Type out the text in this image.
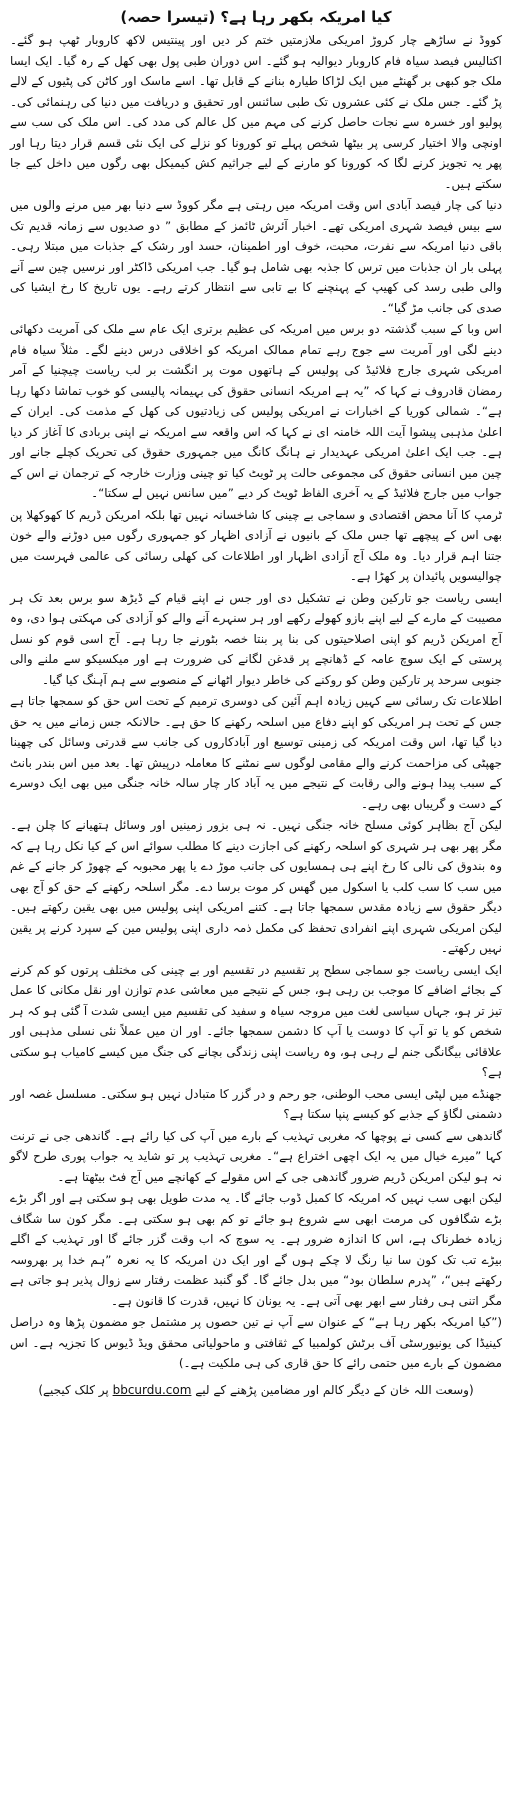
کیا امریکہ بکھر رہا ہے؟ (تیسرا حصہ)

کووڈ نے ساڑھے چار کروڑ امریکی ملازمتیں ختم کر دیں اور پینتیس لاکھ کاروبار ٹھپ ہو گئے۔ اکتالیس فیصد سیاہ فام کاروبار دیوالیہ ہو گئے۔ اس دوران طبی پول بھی کھل کے رہ گیا۔ ایک ایسا ملک جو کبھی بر گھنٹے میں ایک لڑاکا طیارہ بنانے کے قابل تھا۔ اسے ماسک اور کاٹن کی پٹیوں کے لالے پڑ گئے۔ جس ملک نے کئی عشروں تک طبی سائنس اور تحقیق و دریافت میں دنیا کی رہنمائی کی۔ پولیو اور خسرہ سے نجات حاصل کرنے کی مہم میں کل عالم کی مدد کی۔ اس ملک کی سب سے اونچی والا اختیار کرسی پر بیٹھا شخص پہلے تو کورونا کو نزلے کی ایک نئی قسم قرار دیتا رہا اور پھر یہ تجویز کرنے لگا کہ کورونا کو مارنے کے لیے جراثیم کش کیمیکل بھی رگوں میں داخل کیے جا سکتے ہیں۔

دنیا کی چار فیصد آبادی اس وقت امریکہ میں رہتی ہے مگر کووڈ سے دنیا بھر میں مرنے والوں میں سے بیس فیصد شہری امریکی تھے۔ اخبار آئرش ٹائمز کے مطابق ” دو صدیوں سے زمانہ قدیم تک باقی دنیا امریکہ سے نفرت، محبت، خوف اور اطمینان، حسد اور رشک کے جذبات میں مبتلا رہی۔ پہلی بار ان جذبات میں ترس کا جذبہ بھی شامل ہو گیا۔ جب امریکی ڈاکٹر اور نرسیں چین سے آنے والی طبی رسد کی کھیپ کے پہنچنے کا بے تابی سے انتظار کرتے رہے۔ یوں تاریخ کا رخ ایشیا کی صدی کی جانب مڑ گیا“۔

اس وبا کے سبب گذشتہ دو برس میں امریکہ کی عظیم برتری ایک عام سے ملک کی آمریت دکھائی دینے لگی اور آمریت سے جوج رہے تمام ممالک امریکہ کو اخلاقی درس دینے لگے۔ مثلاً سیاہ فام امریکی شہری جارج فلائیڈ کی پولیس کے ہاتھوں موت پر انگشت بر لب ریاست چیچنیا کے آمر رمضان قادروف نے کہا کہ ”یہ ہے امریکہ انسانی حقوق کی بہیمانہ پالیسی کو خوب تماشا دکھا رہا ہے“۔ شمالی کوریا کے اخبارات نے امریکی پولیس کی زیادتیوں کی کھل کے مذمت کی۔ ایران کے اعلیٰ مذہبی پیشوا آیت اللہ خامنہ ای نے کہا کہ اس واقعہ سے امریکہ نے اپنی بربادی کا آغاز کر دیا ہے۔ جب ایک اعلیٰ امریکی عہدیدار نے ہانگ کانگ میں جمہوری حقوق کی تحریک کچلے جانے اور چین میں انسانی حقوق کی مجموعی حالت پر ٹویٹ کیا تو چینی وزارت خارجہ کے ترجمان نے اس کے جواب میں جارج فلائیڈ کے یہ آخری الفاظ ٹویٹ کر دیے ”میں سانس نہیں لے سکتا“۔

ٹرمپ کا آنا محض اقتصادی و سماجی بے چینی کا شاخسانہ نہیں تھا بلکہ امریکن ڈریم کا کھوکھلا پن بھی اس کے پیچھے تھا جس ملک کے بانیوں نے آزادی اظہار کو جمہوری رگوں میں دوڑنے والے خون جتنا اہم قرار دیا۔ وہ ملک آج آزادی اظہار اور اطلاعات کی کھلی رسائی کی عالمی فہرست میں چوالیسویں پائیدان پر کھڑا ہے۔

ایسی ریاست جو تارکین وطن نے تشکیل دی اور جس نے اپنے قیام کے ڈیڑھ سو برس بعد تک ہر مصیبت کے مارے کے لیے اپنے بازو کھولے رکھے اور ہر سنہرے آنے والے کو آزادی کی مہکتی ہوا دی، وہ آج امریکن ڈریم کو اپنی اصلاحیتوں کی بنا پر بنتا خصہ بٹورنے جا رہا ہے۔ آج اسی قوم کو نسل پرستی کے ایک سوچ عامہ کے ڈھانچے پر قدغن لگانے کی ضرورت ہے اور میکسیکو سے ملنے والی جنوبی سرحد پر تارکین وطن کو روکنے کی خاطر دیوار اٹھانے کے منصوبے سے ہم آہنگ کیا گیا۔

اطلاعات تک رسائی سے کہیں زیادہ اہم آئین کی دوسری ترمیم کے تحت اس حق کو سمجھا جاتا ہے جس کے تحت ہر امریکی کو اپنے دفاع میں اسلحہ رکھنے کا حق ہے۔ حالانکہ جس زمانے میں یہ حق دیا گیا تھا، اس وقت امریکہ کی زمینی توسیع اور آبادکاروں کی جانب سے قدرتی وسائل کی چھینا جھپٹی کی مزاحمت کرنے والے مقامی لوگوں سے نمٹنے کا معاملہ درپیش تھا۔ بعد میں اس بندر بانٹ کے سبب پیدا ہونے والی رقابت کے نتیجے میں یہ آباد کار چار سالہ خانہ جنگی میں بھی ایک دوسرے کے دست و گریباں بھی رہے۔

لیکن آج بظاہر کوئی مسلح خانہ جنگی نہیں۔ نہ ہی بزور زمینیں اور وسائل ہتھیانے کا چلن ہے۔ مگر پھر بھی ہر شہری کو اسلحہ رکھنے کی اجازت دینے کا مطلب سوائے اس کے کیا نکل رہا ہے کہ وہ بندوق کی نالی کا رخ اپنے ہی ہمسایوں کی جانب موڑ دے یا پھر محبوبہ کے چھوڑ کر جانے کے غم میں سب کا سب کلب یا اسکول میں گھس کر موت برسا دے۔ مگر اسلحہ رکھنے کے حق کو آج بھی دیگر حقوق سے زیادہ مقدس سمجھا جاتا ہے۔ کتنے امریکی اپنی پولیس میں بھی یقین رکھتے ہیں۔ لیکن امریکی شہری اپنے انفرادی تحفظ کی مکمل ذمہ داری اپنی پولیس مین کے سپرد کرنے پر یقین نہیں رکھتے۔

ایک ایسی ریاست جو سماجی سطح پر تقسیم در تقسیم اور بے چینی کی مختلف پرتوں کو کم کرنے کے بجائے اضافے کا موجب بن رہی ہو، جس کے نتیجے میں معاشی عدم توازن اور نقل مکانی کا عمل تیز تر ہو، جہاں سیاسی لغت میں مروجہ سیاہ و سفید کی تقسیم میں ایسی شدت آ گئی ہو کہ ہر شخص کو یا تو آپ کا دوست یا آپ کا دشمن سمجھا جائے۔ اور ان میں عملاً نئی نسلی مذہبی اور علاقائی بیگانگی جنم لے رہی ہو، وہ ریاست اپنی زندگی بچانے کی جنگ میں کیسے کامیاب ہو سکتی ہے؟

جھنڈے میں لپٹی ایسی محب الوطنی، جو رحم و در گزر کا متبادل نہیں ہو سکتی۔ مسلسل غصہ اور دشمنی لگاؤ کے جذبے کو کیسے پنپا سکتا ہے؟

گاندھی سے کسی نے پوچھا کہ مغربی تہذیب کے بارے میں آپ کی کیا رائے ہے۔ گاندھی جی نے ترنت کہا ”میرے خیال میں یہ ایک اچھی اختراع ہے“۔ مغربی تہذیب پر تو شاید یہ جواب پوری طرح لاگو نہ ہو لیکن امریکن ڈریم ضرور گاندھی جی کے اس مقولے کے کھانچے میں آج فٹ بیٹھتا ہے۔

لیکن ابھی سب نہیں کہ امریکہ کا کمبل ڈوب جائے گا۔ یہ مدت طویل بھی ہو سکتی ہے اور اگر بڑے بڑے شگافوں کی مرمت ابھی سے شروع ہو جائے تو کم بھی ہو سکتی ہے۔ مگر کون سا شگاف زیادہ خطرناک ہے، اس کا اندازہ ضرور ہے۔ یہ سوچ کہ اب وقت گزر جائے گا اور تہذیب کے اگلے بیڑے تب تک کون سا نیا رنگ لا چکے ہوں گے اور ایک دن امریکہ کا یہ نعرہ ”ہم خدا پر بھروسہ رکھتے ہیں“، ”پدرم سلطان بود“ میں بدل جائے گا۔ گو گنبد عظمت رفتار سے زوال پذیر ہو جاتی ہے مگر اتنی ہی رفتار سے ابھر بھی آتی ہے۔ یہ یونان کا نہیں، قدرت کا قانون ہے۔

(”کیا امریکہ بکھر رہا ہے“ کے عنوان سے آپ نے تین حصوں پر مشتمل جو مضمون پڑھا وہ دراصل کینیڈا کی یونیورسٹی آف برٹش کولمبیا کے ثقافتی و ماحولیاتی محقق ویڈ ڈیوس کا تجزیہ ہے۔ اس مضمون کے بارے میں حتمی رائے کا حق قاری کی ہی ملکیت ہے۔)

(وسعت اللہ خان کے دیگر کالم اور مضامین پڑھنے کے لیے bbcurdu.com پر کلک کیجیے)
